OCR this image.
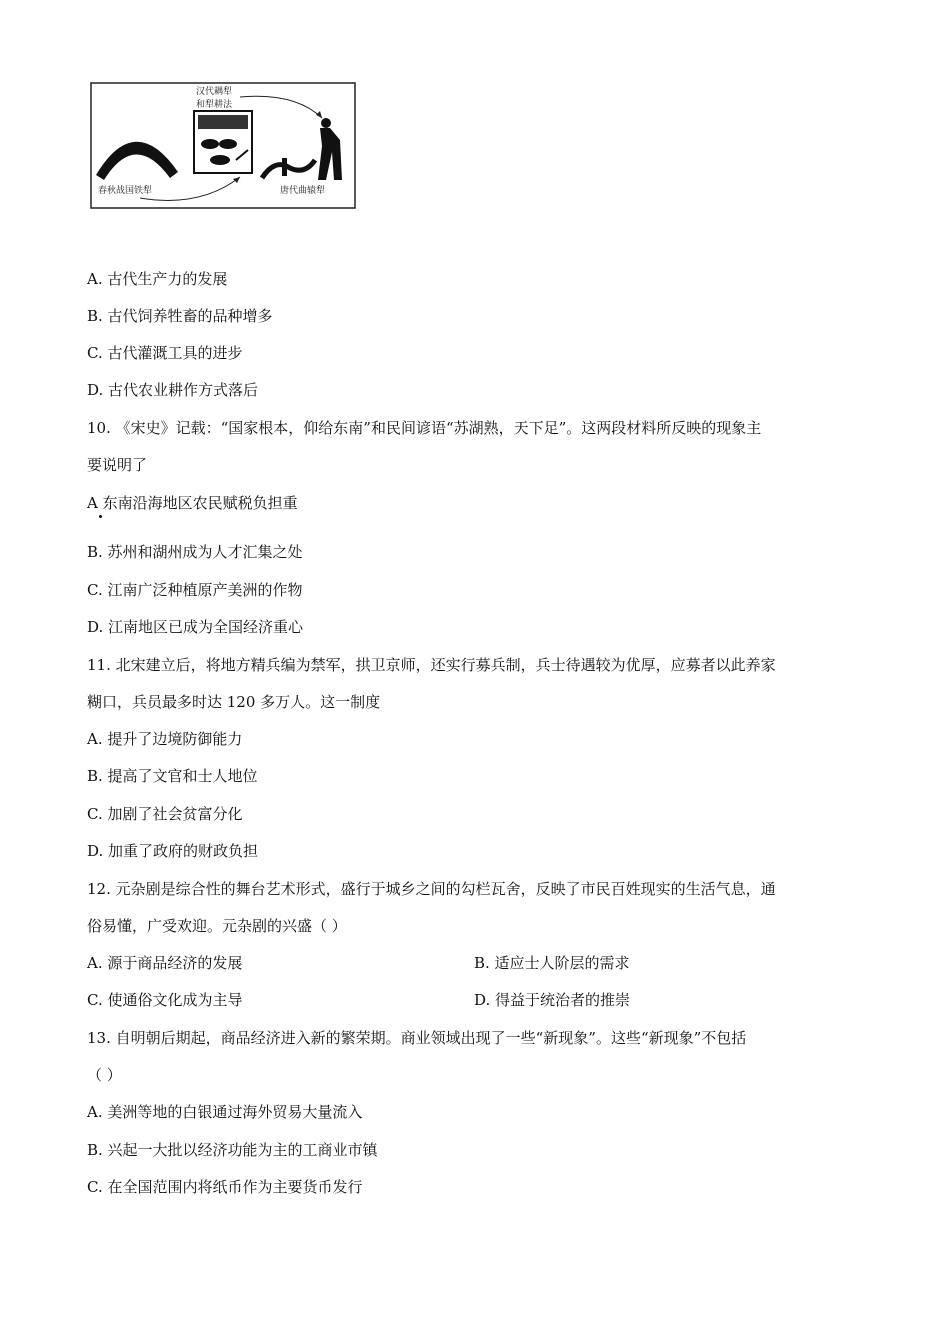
汉代耦犁
和犁耕法
春秋战国铁犁	唐代曲辕犁
A. 古代生产力的发展
B. 古代饲养牲畜的品种增多
C. 古代灌溉工具的进步
D. 古代农业耕作方式落后
10. 《宋史》记载：“国家根本，仰给东南”和民间谚语“苏湖熟，天下足”。这两段材料所反映的现象主
要说明了
A 东南沿海地区农民赋税负担重
B. 苏州和湖州成为人才汇集之处
C. 江南广泛种植原产美洲的作物
D. 江南地区已成为全国经济重心
11. 北宋建立后，将地方精兵编为禁军，拱卫京师，还实行募兵制，兵士待遇较为优厚，应募者以此养家
糊口，兵员最多时达 120 多万人。这一制度
A. 提升了边境防御能力
B. 提高了文官和士人地位
C. 加剧了社会贫富分化
D. 加重了政府的财政负担
12. 元杂剧是综合性的舞台艺术形式，盛行于城乡之间的勾栏瓦舍，反映了市民百姓现实的生活气息，通
俗易懂，广受欢迎。元杂剧的兴盛（ ）
A. 源于商品经济的发展	B. 适应士人阶层的需求
C. 使通俗文化成为主导	D. 得益于统治者的推崇
13. 自明朝后期起，商品经济进入新的繁荣期。商业领域出现了一些“新现象”。这些“新现象”不包括
（ ）
A. 美洲等地的白银通过海外贸易大量流入
B. 兴起一大批以经济功能为主的工商业市镇
C. 在全国范围内将纸币作为主要货币发行
